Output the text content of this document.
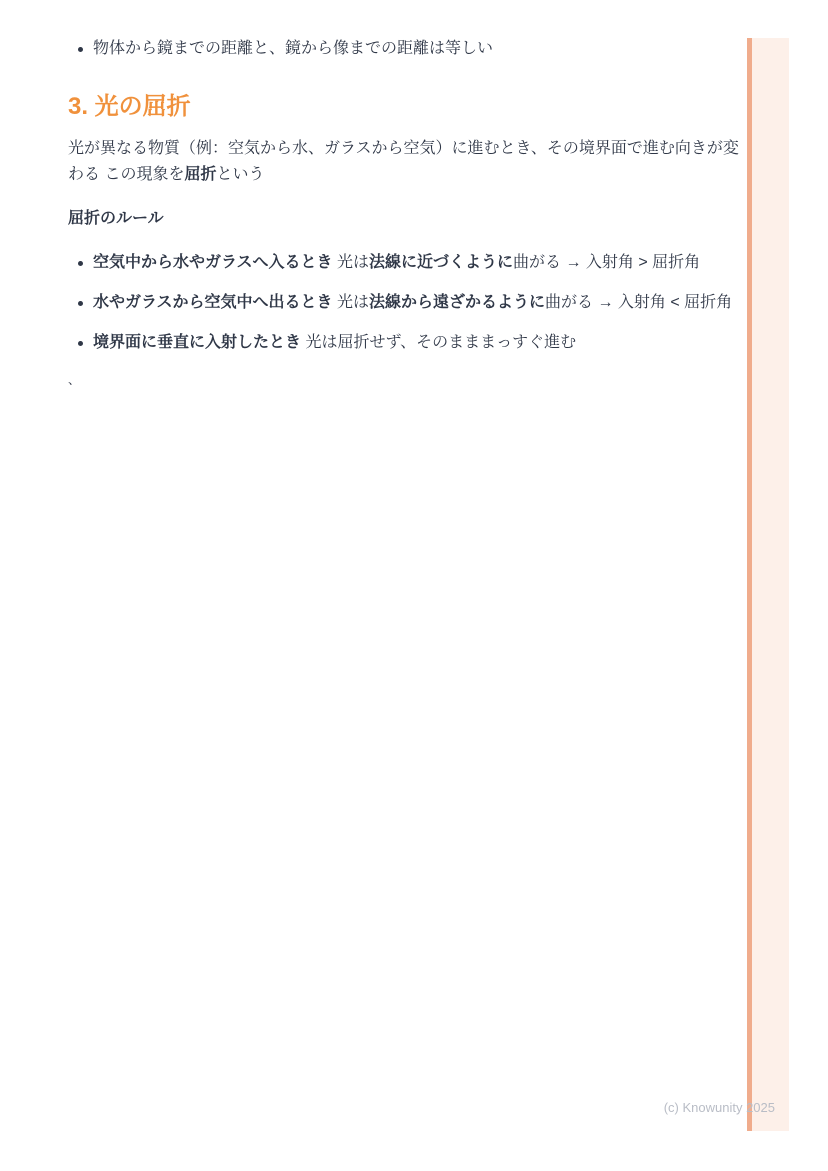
物体から鏡までの距離と、鏡から像までの距離は等しい
3. 光の屈折

光が異なる物質（例：空気から水、ガラスから空気）に進むとき、その境界面で進む向きが変わる この現象を屈折という

屈折のルール

空気中から水やガラスへ入るとき 光は法線に近づくように曲がる → 入射角 > 屈折角
水やガラスから空気中へ出るとき 光は法線から遠ざかるように曲がる → 入射角 < 屈折角
境界面に垂直に入射したとき 光は屈折せず、そのまままっすぐ進む
、
(c) Knowunity 2025
